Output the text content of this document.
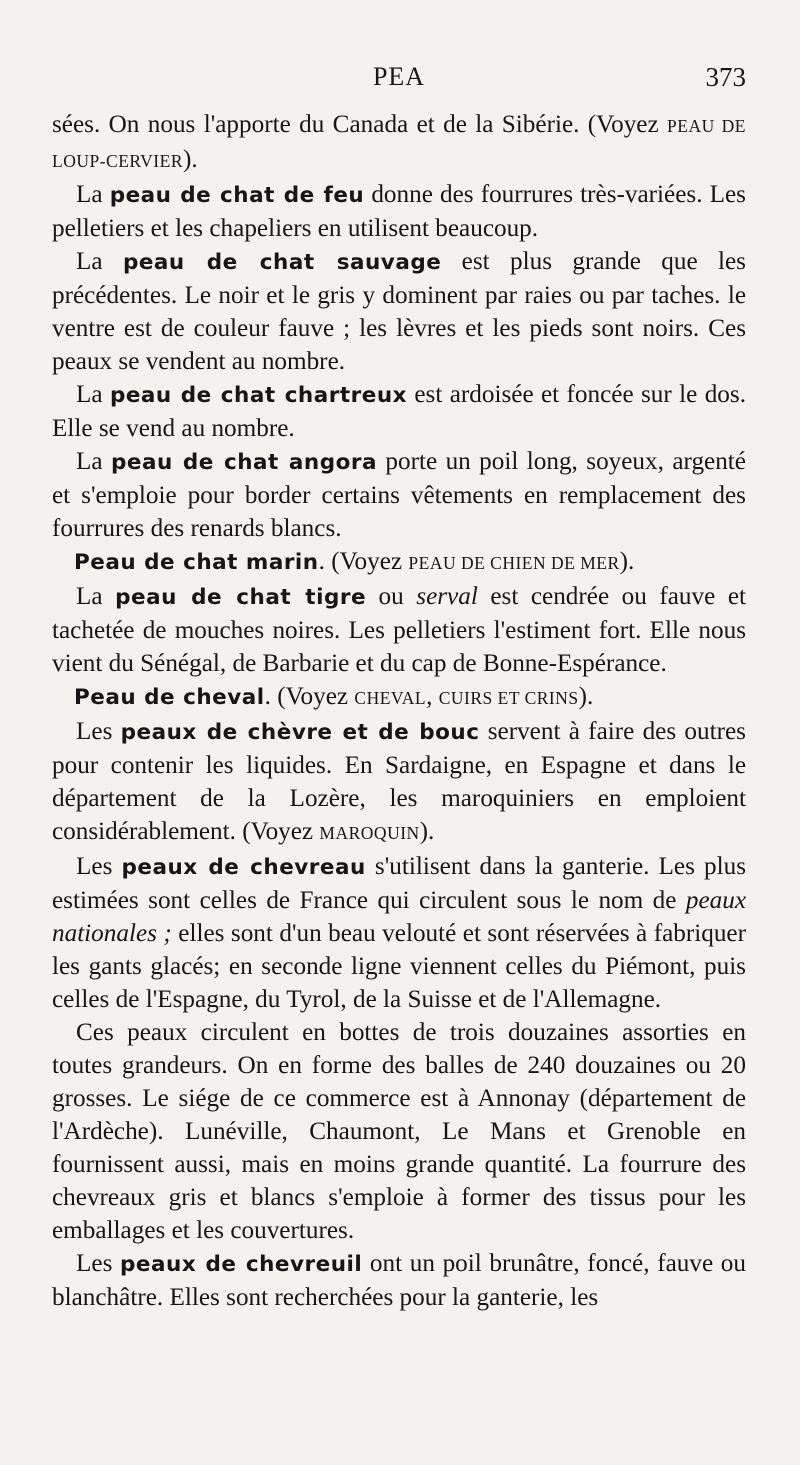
PEA	373

sées. On nous l'apporte du Canada et de la Sibérie. (Voyez PEAU DE LOUP-CERVIER).

La peau de chat de feu donne des fourrures très-variées. Les pelletiers et les chapeliers en utilisent beaucoup.

La peau de chat sauvage est plus grande que les précédentes. Le noir et le gris y dominent par raies ou par taches. le ventre est de couleur fauve ; les lèvres et les pieds sont noirs. Ces peaux se vendent au nombre.

La peau de chat chartreux est ardoisée et foncée sur le dos. Elle se vend au nombre.

La peau de chat angora porte un poil long, soyeux, argenté et s'emploie pour border certains vêtements en remplacement des fourrures des renards blancs.

Peau de chat marin. (Voyez PEAU DE CHIEN DE MER).

La peau de chat tigre ou serval est cendrée ou fauve et tachetée de mouches noires. Les pelletiers l'estiment fort. Elle nous vient du Sénégal, de Barbarie et du cap de Bonne-Espérance.

Peau de cheval. (Voyez CHEVAL, CUIRS ET CRINS).

Les peaux de chèvre et de bouc servent à faire des outres pour contenir les liquides. En Sardaigne, en Espagne et dans le département de la Lozère, les maroquiniers en emploient considérablement. (Voyez MAROQUIN).

Les peaux de chevreau s'utilisent dans la ganterie. Les plus estimées sont celles de France qui circulent sous le nom de peaux nationales ; elles sont d'un beau velouté et sont réservées à fabriquer les gants glacés; en seconde ligne viennent celles du Piémont, puis celles de l'Espagne, du Tyrol, de la Suisse et de l'Allemagne.

Ces peaux circulent en bottes de trois douzaines assorties en toutes grandeurs. On en forme des balles de 240 douzaines ou 20 grosses. Le siége de ce commerce est à Annonay (département de l'Ardèche). Lunéville, Chaumont, Le Mans et Grenoble en fournissent aussi, mais en moins grande quantité. La fourrure des chevreaux gris et blancs s'emploie à former des tissus pour les emballages et les couvertures.

Les peaux de chevreuil ont un poil brunâtre, foncé, fauve ou blanchâtre. Elles sont recherchées pour la ganterie, les
